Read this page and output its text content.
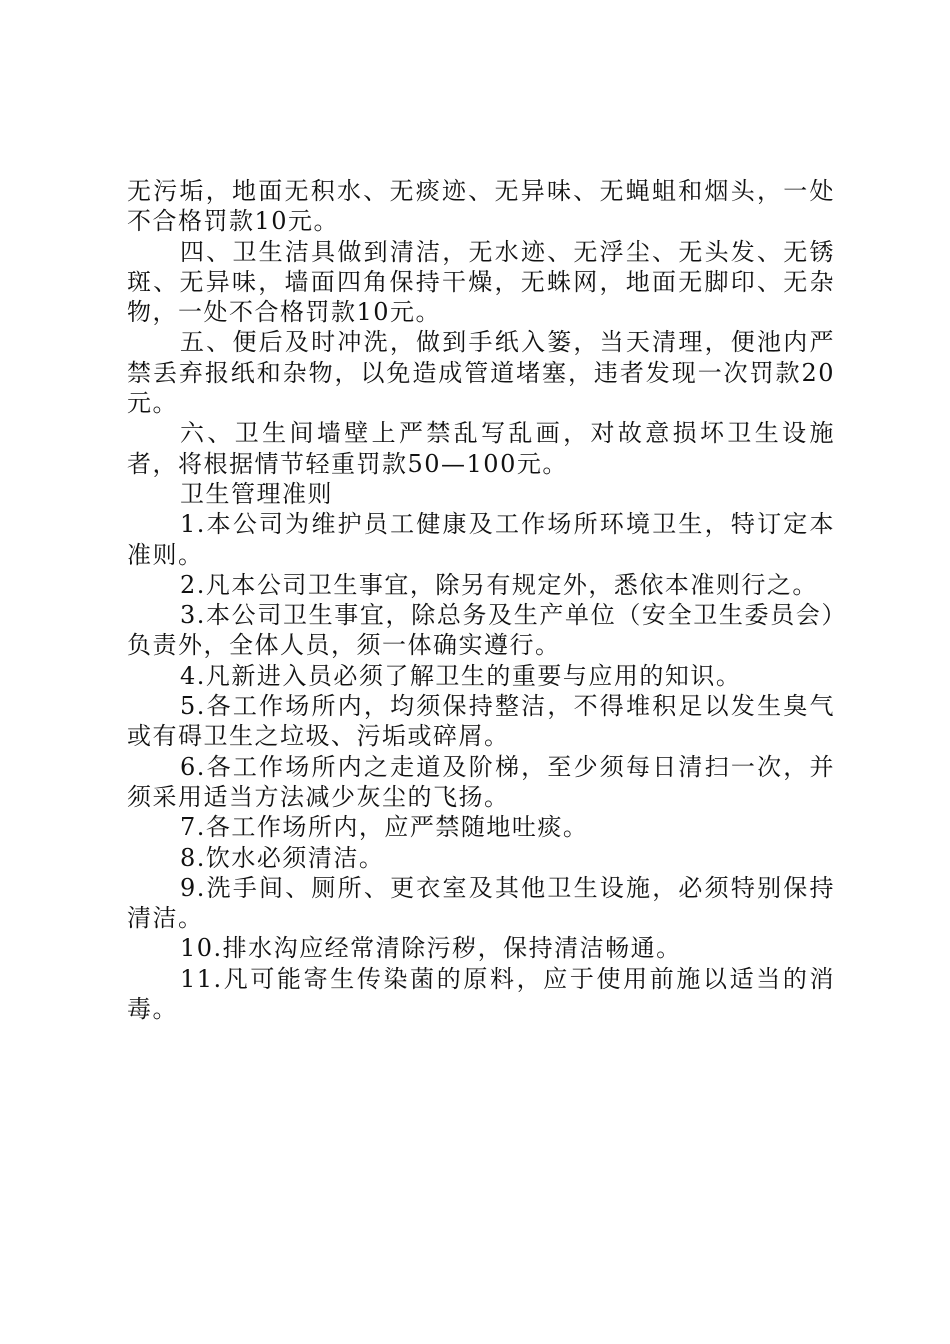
无污垢，地面无积水、无痰迹、无异味、无蝇蛆和烟头，一处不合格罚款10元。

四、卫生洁具做到清洁，无水迹、无浮尘、无头发、无锈斑、无异味，墙面四角保持干燥，无蛛网，地面无脚印、无杂物，一处不合格罚款10元。

五、便后及时冲洗，做到手纸入篓，当天清理，便池内严禁丢弃报纸和杂物，以免造成管道堵塞，违者发现一次罚款20元。

六、卫生间墙壁上严禁乱写乱画，对故意损坏卫生设施者，将根据情节轻重罚款50—100元。

卫生管理准则

1.本公司为维护员工健康及工作场所环境卫生，特订定本准则。

2.凡本公司卫生事宜，除另有规定外，悉依本准则行之。

3.本公司卫生事宜，除总务及生产单位（安全卫生委员会）负责外，全体人员，须一体确实遵行。

4.凡新进入员必须了解卫生的重要与应用的知识。

5.各工作场所内，均须保持整洁，不得堆积足以发生臭气或有碍卫生之垃圾、污垢或碎屑。

6.各工作场所内之走道及阶梯，至少须每日清扫一次，并须采用适当方法减少灰尘的飞扬。

7.各工作场所内，应严禁随地吐痰。

8.饮水必须清洁。

9.洗手间、厕所、更衣室及其他卫生设施，必须特别保持清洁。

10.排水沟应经常清除污秽，保持清洁畅通。

11.凡可能寄生传染菌的原料，应于使用前施以适当的消毒。
